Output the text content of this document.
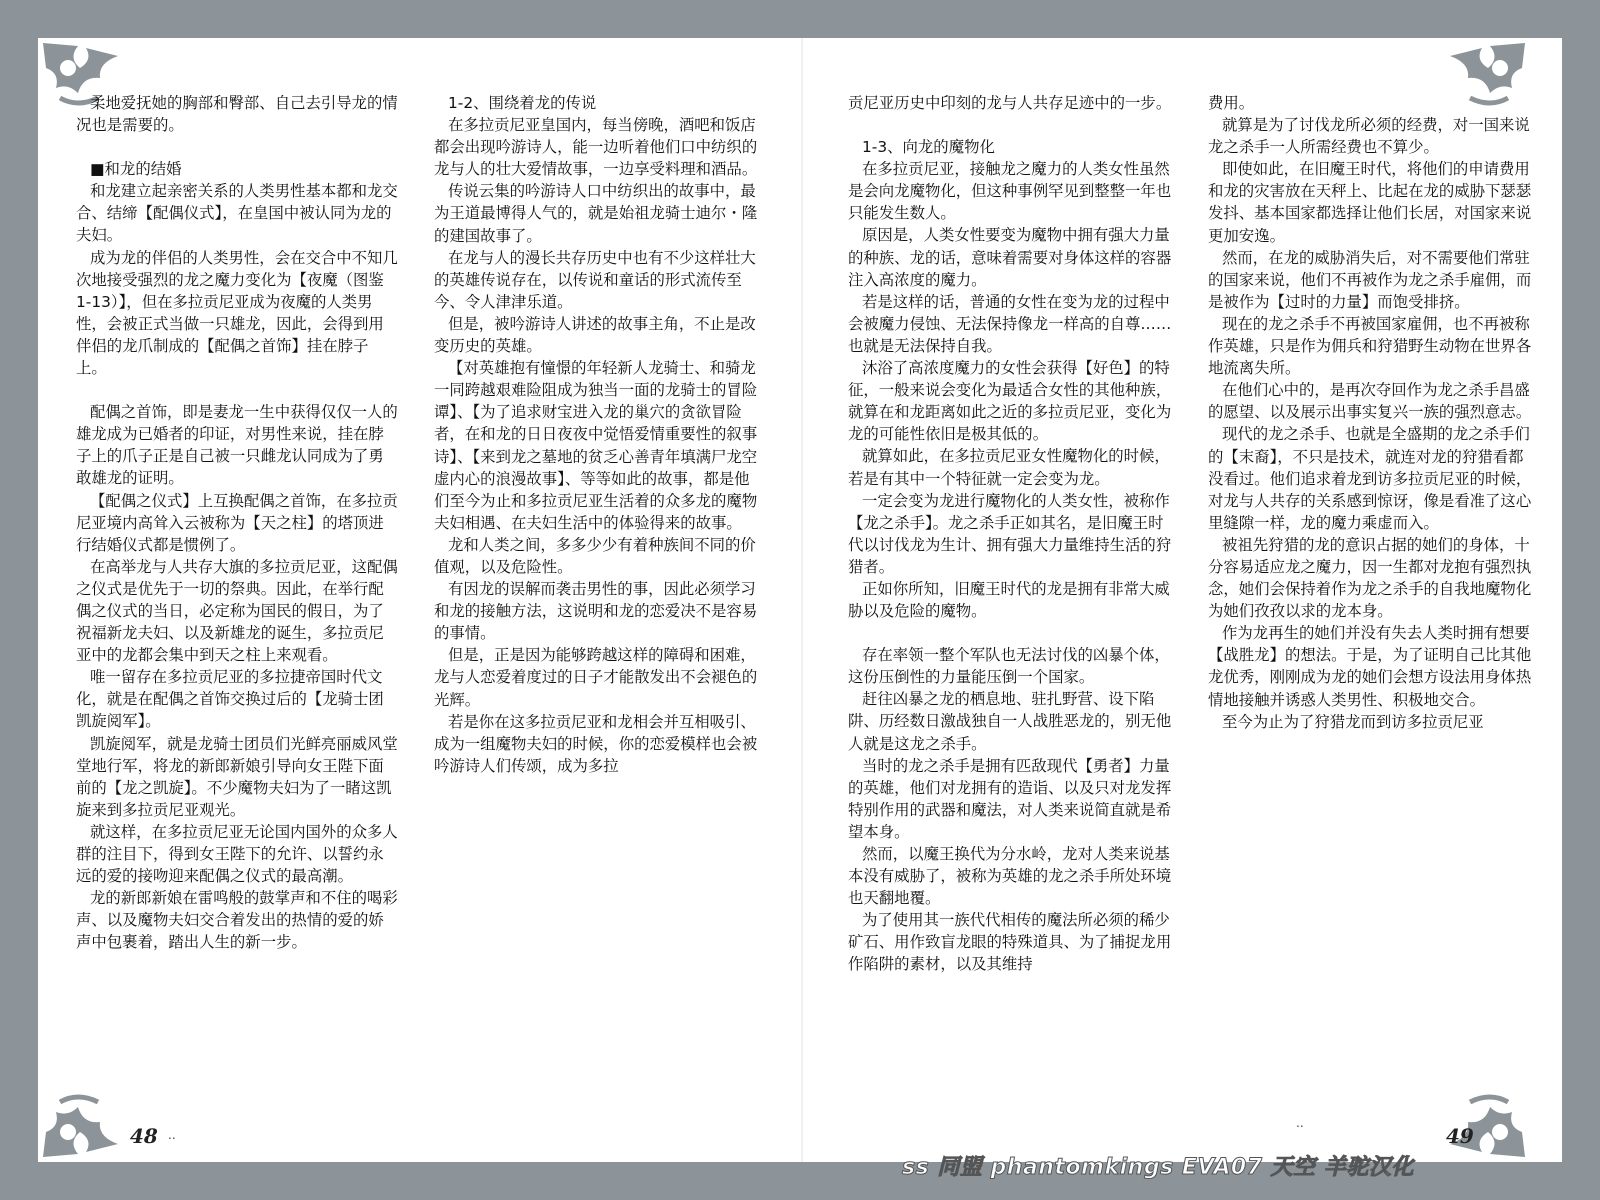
柔地爱抚她的胸部和臀部、自己去引导龙的情况也是需要的。

■和龙的结婚

和龙建立起亲密关系的人类男性基本都和龙交合、结缔【配偶仪式】，在皇国中被认同为龙的夫妇。

成为龙的伴侣的人类男性，会在交合中不知几次地接受强烈的龙之魔力变化为【夜魔（图鉴1-13）】，但在多拉贡尼亚成为夜魔的人类男性，会被正式当做一只雄龙，因此，会得到用伴侣的龙爪制成的【配偶之首饰】挂在脖子上。

配偶之首饰，即是妻龙一生中获得仅仅一人的雄龙成为已婚者的印证，对男性来说，挂在脖子上的爪子正是自己被一只雌龙认同成为了勇敢雄龙的证明。

【配偶之仪式】上互换配偶之首饰，在多拉贡尼亚境内高耸入云被称为【天之柱】的塔顶进行结婚仪式都是惯例了。

在高举龙与人共存大旗的多拉贡尼亚，这配偶之仪式是优先于一切的祭典。因此，在举行配偶之仪式的当日，必定称为国民的假日，为了祝福新龙夫妇、以及新雄龙的诞生，多拉贡尼亚中的龙都会集中到天之柱上来观看。

唯一留存在多拉贡尼亚的多拉捷帝国时代文化，就是在配偶之首饰交换过后的【龙骑士团凯旋阅军】。

凯旋阅军，就是龙骑士团员们光鲜亮丽威风堂堂地行军，将龙的新郎新娘引导向女王陛下面前的【龙之凯旋】。不少魔物夫妇为了一睹这凯旋来到多拉贡尼亚观光。

就这样，在多拉贡尼亚无论国内国外的众多人群的注目下，得到女王陛下的允许、以誓约永远的爱的接吻迎来配偶之仪式的最高潮。

龙的新郎新娘在雷鸣般的鼓掌声和不住的喝彩声、以及魔物夫妇交合着发出的热情的爱的娇声中包裹着，踏出人生的新一步。

1-2、围绕着龙的传说

在多拉贡尼亚皇国内，每当傍晚，酒吧和饭店都会出现吟游诗人，能一边听着他们口中纺织的龙与人的壮大爱情故事，一边享受料理和酒品。

传说云集的吟游诗人口中纺织出的故事中，最为王道最博得人气的，就是始祖龙骑士迪尔・隆的建国故事了。

在龙与人的漫长共存历史中也有不少这样壮大的英雄传说存在，以传说和童话的形式流传至今、令人津津乐道。

但是，被吟游诗人讲述的故事主角，不止是改变历史的英雄。

【对英雄抱有憧憬的年轻新人龙骑士、和骑龙一同跨越艰难险阻成为独当一面的龙骑士的冒险谭】、【为了追求财宝进入龙的巢穴的贪欲冒险者，在和龙的日日夜夜中觉悟爱情重要性的叙事诗】、【来到龙之墓地的贫乏心善青年填满尸龙空虚内心的浪漫故事】、等等如此的故事，都是他们至今为止和多拉贡尼亚生活着的众多龙的魔物夫妇相遇、在夫妇生活中的体验得来的故事。

龙和人类之间，多多少少有着种族间不同的价值观，以及危险性。

有因龙的误解而袭击男性的事，因此必须学习和龙的接触方法，这说明和龙的恋爱决不是容易的事情。

但是，正是因为能够跨越这样的障碍和困难，龙与人恋爱着度过的日子才能散发出不会褪色的光辉。

若是你在这多拉贡尼亚和龙相会并互相吸引、成为一组魔物夫妇的时候，你的恋爱模样也会被吟游诗人们传颂，成为多拉

贡尼亚历史中印刻的龙与人共存足迹中的一步。

1-3、向龙的魔物化

在多拉贡尼亚，接触龙之魔力的人类女性虽然是会向龙魔物化，但这种事例罕见到整整一年也只能发生数人。

原因是，人类女性要变为魔物中拥有强大力量的种族、龙的话，意味着需要对身体这样的容器注入高浓度的魔力。

若是这样的话，普通的女性在变为龙的过程中会被魔力侵蚀、无法保持像龙一样高的自尊……也就是无法保持自我。

沐浴了高浓度魔力的女性会获得【好色】的特征，一般来说会变化为最适合女性的其他种族，就算在和龙距离如此之近的多拉贡尼亚，变化为龙的可能性依旧是极其低的。

就算如此，在多拉贡尼亚女性魔物化的时候，若是有其中一个特征就一定会变为龙。

一定会变为龙进行魔物化的人类女性，被称作【龙之杀手】。龙之杀手正如其名，是旧魔王时代以讨伐龙为生计、拥有强大力量维持生活的狩猎者。

正如你所知，旧魔王时代的龙是拥有非常大威胁以及危险的魔物。

存在率领一整个军队也无法讨伐的凶暴个体，这份压倒性的力量能压倒一个国家。

赶往凶暴之龙的栖息地、驻扎野营、设下陷阱、历经数日激战独自一人战胜恶龙的，别无他人就是这龙之杀手。

当时的龙之杀手是拥有匹敌现代【勇者】力量的英雄，他们对龙拥有的造诣、以及只对龙发挥特别作用的武器和魔法，对人类来说简直就是希望本身。

然而，以魔王换代为分水岭，龙对人类来说基本没有威胁了，被称为英雄的龙之杀手所处环境也天翻地覆。

为了使用其一族代代相传的魔法所必须的稀少矿石、用作致盲龙眼的特殊道具、为了捕捉龙用作陷阱的素材，以及其维持

费用。

就算是为了讨伐龙所必须的经费，对一国来说龙之杀手一人所需经费也不算少。

即使如此，在旧魔王时代，将他们的申请费用和龙的灾害放在天秤上、比起在龙的威胁下瑟瑟发抖、基本国家都选择让他们长居，对国家来说更加安逸。

然而，在龙的威胁消失后，对不需要他们常驻的国家来说，他们不再被作为龙之杀手雇佣，而是被作为【过时的力量】而饱受排挤。

现在的龙之杀手不再被国家雇佣，也不再被称作英雄，只是作为佣兵和狩猎野生动物在世界各地流离失所。

在他们心中的，是再次夺回作为龙之杀手昌盛的愿望、以及展示出事实复兴一族的强烈意志。

现代的龙之杀手、也就是全盛期的龙之杀手们的【末裔】，不只是技术，就连对龙的狩猎看都没看过。他们追求着龙到访多拉贡尼亚的时候，对龙与人共存的关系感到惊讶，像是看准了这心里缝隙一样，龙的魔力乘虚而入。

被祖先狩猎的龙的意识占据的她们的身体，十分容易适应龙之魔力，因一生都对龙抱有强烈执念，她们会保持着作为龙之杀手的自我地魔物化为她们孜孜以求的龙本身。

作为龙再生的她们并没有失去人类时拥有想要【战胜龙】的想法。于是，为了证明自己比其他龙优秀，刚刚成为龙的她们会想方设法用身体热情地接触并诱惑人类男性、积极地交合。

至今为止为了狩猎龙而到访多拉贡尼亚

48 ..
..
49
ss 同盟 phantomkings EVA07 天空 羊驼汉化
